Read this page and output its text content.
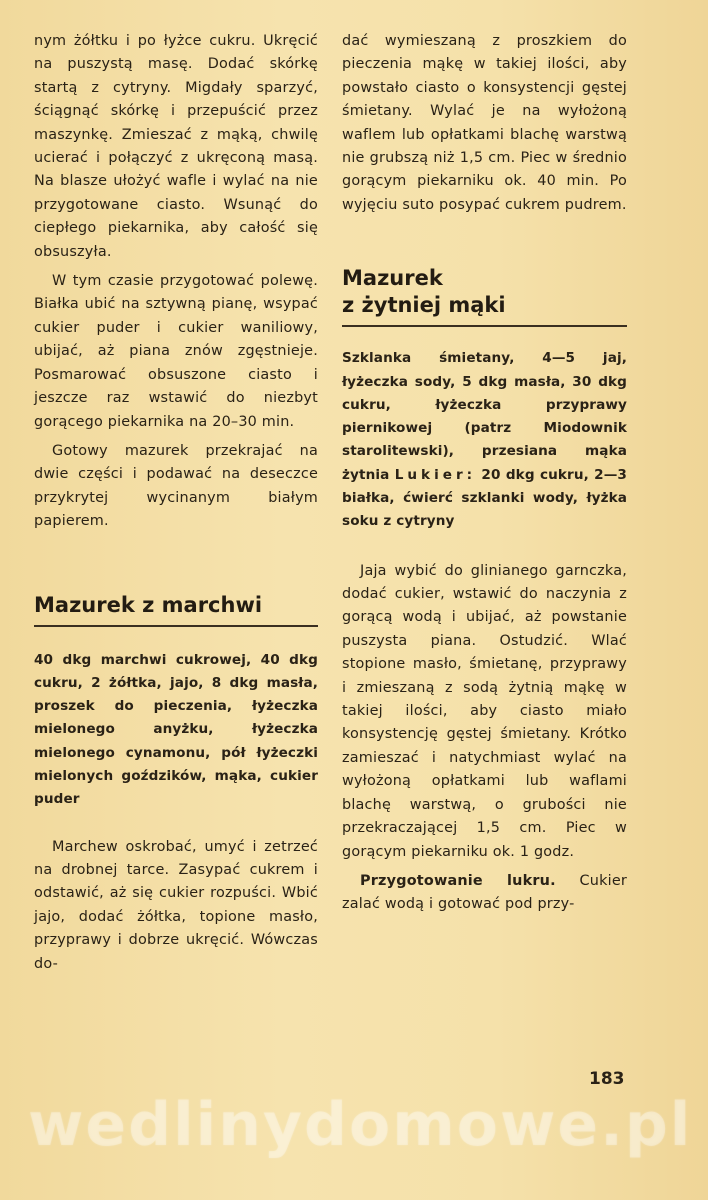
nym żółtku i po łyżce cukru. Ukręcić na puszystą masę. Dodać skórkę startą z cytryny. Migdały sparzyć, ściągnąć skórkę i przepuścić przez maszynkę. Zmieszać z mąką, chwilę ucierać i połączyć z ukręconą masą. Na blasze ułożyć wafle i wylać na nie przygotowane ciasto. Wsunąć do ciepłego piekarnika, aby całość się obsuszyła.

W tym czasie przygotować polewę. Białka ubić na sztywną pianę, wsypać cukier puder i cukier waniliowy, ubijać, aż piana znów zgęstnieje. Posmarować obsuszone ciasto i jeszcze raz wstawić do niezbyt gorącego piekarnika na 20–30 min.

Gotowy mazurek przekrajać na dwie części i podawać na deseczce przykrytej wycinanym białym papierem.

Mazurek z marchwi

40 dkg marchwi cukrowej, 40 dkg cukru, 2 żółtka, jajo, 8 dkg masła, proszek do pieczenia, łyżeczka mielonego anyżku, łyżeczka mielonego cynamonu, pół łyżeczki mielonych goździków, mąka, cukier puder

Marchew oskrobać, umyć i zetrzeć na drobnej tarce. Zasypać cukrem i odstawić, aż się cukier rozpuści. Wbić jajo, dodać żółtka, topione masło, przyprawy i dobrze ukręcić. Wówczas do-

dać wymieszaną z proszkiem do pieczenia mąkę w takiej ilości, aby powstało ciasto o konsystencji gęstej śmietany. Wylać je na wyłożoną waflem lub opłatkami blachę warstwą nie grubszą niż 1,5 cm. Piec w średnio gorącym piekarniku ok. 40 min. Po wyjęciu suto posypać cukrem pudrem.

Mazurek
z żytniej mąki

Szklanka śmietany, 4—5 jaj, łyżeczka sody, 5 dkg masła, 30 dkg cukru, łyżeczka przyprawy piernikowej (patrz Miodownik starolitewski), przesiana mąka żytnia Lukier: 20 dkg cukru, 2—3 białka, ćwierć szklanki wody, łyżka soku z cytryny

Jaja wybić do glinianego garnczka, dodać cukier, wstawić do naczynia z gorącą wodą i ubijać, aż powstanie puszysta piana. Ostudzić. Wlać stopione masło, śmietanę, przyprawy i zmieszaną z sodą żytnią mąkę w takiej ilości, aby ciasto miało konsystencję gęstej śmietany. Krótko zamieszać i natychmiast wylać na wyłożoną opłatkami lub waflami blachę warstwą, o grubości nie przekraczającej 1,5 cm. Piec w gorącym piekarniku ok. 1 godz.

Przygotowanie lukru. Cukier zalać wodą i gotować pod przy-

183
wedlinydomowe.pl
